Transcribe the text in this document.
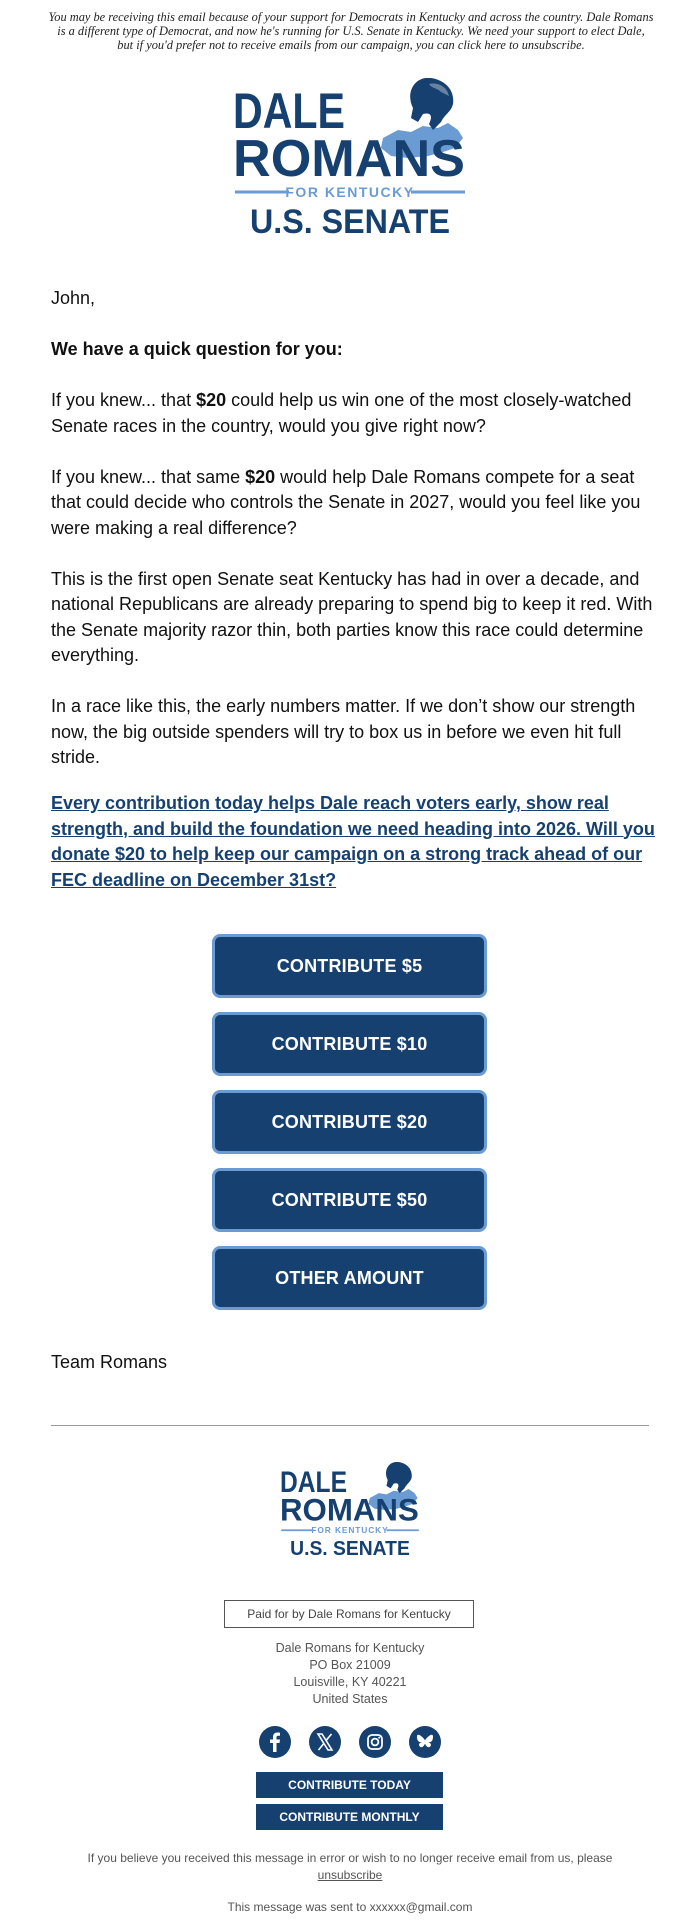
You may be receiving this email because of your support for Democrats in Kentucky and across the country. Dale Romans is a different type of Democrat, and now he's running for U.S. Senate in Kentucky. We need your support to elect Dale, but if you'd prefer not to receive emails from our campaign, you can click here to unsubscribe.
DALE
ROMANS
FOR KENTUCKY
U.S. SENATE

John,

We have a quick question for you:

If you knew... that $20 could help us win one of the most closely-watched Senate races in the country, would you give right now?

If you knew... that same $20 would help Dale Romans compete for a seat that could decide who controls the Senate in 2027, would you feel like you were making a real difference?

This is the first open Senate seat Kentucky has had in over a decade, and national Republicans are already preparing to spend big to keep it red. With the Senate majority razor thin, both parties know this race could determine everything.

In a race like this, the early numbers matter. If we don’t show our strength now, the big outside spenders will try to box us in before we even hit full stride.

Every contribution today helps Dale reach voters early, show real strength, and build the foundation we need heading into 2026. Will you donate $20 to help keep our campaign on a strong track ahead of our FEC deadline on December 31st?
CONTRIBUTE $5
CONTRIBUTE $10
CONTRIBUTE $20
CONTRIBUTE $50
OTHER AMOUNT
Team Romans
DALE
ROMANS
FOR KENTUCKY
U.S. SENATE
Paid for by Dale Romans for Kentucky
Dale Romans for Kentucky
PO Box 21009
Louisville, KY 40221
United States
CONTRIBUTE TODAY
CONTRIBUTE MONTHLY
If you believe you received this message in error or wish to no longer receive email from us, please unsubscribe
This message was sent to xxxxxx@gmail.com
